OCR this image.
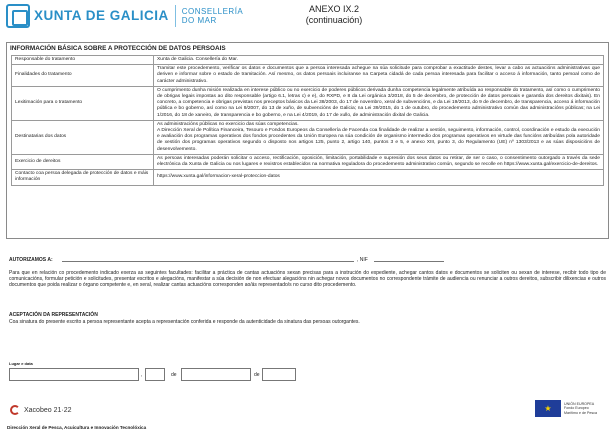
XUNTA DE GALICIA CONSELLERÍA
DO MAR
ANEXO IX.2
(continuación)
INFORMACIÓN BÁSICA SOBRE A PROTECCIÓN DE DATOS PERSOAIS
Responsable do tratamento	Xunta de Galicia. Consellería do Mar.
Finalidades do tratamento	Tramitar este procedemento, verificar os datos e documentos que a persoa interesada achegue na súa solicitude para comprobar a exactitude destes, levar a cabo as actuacións administrativas que deriven e informar sobre o estado de tramitación. Así mesmo, os datos persoais incluiranse na Carpeta cidadá de cada persoa interesada para facilitar o acceso á información, tanto persoal como de carácter administrativo.
Lexitimación para o tratamento	O cumprimento dunha misión realizada en interese público ou no exercicio de poderes públicos derivada dunha competencia legalmente atribuída ao responsable do tratamento, así como o cumprimento de obrigas legais impostas ao dito responsable (artigo 6.1, letras c) e e), do RXPD, e 8 da Lei orgánica 3/2018, do 5 de decembro, de protección de datos persoais e garantía dos dereitos dixitais). En concreto, a competencia e obrigas previstas nos preceptos básicos da Lei 38/2003, do 17 de novembro, xeral de subvencións, e da Lei 19/2013, do 9 de decembro, de transparencia, acceso á información pública e bo goberno, así como na Lei 9/2007, do 13 de xuño, de subvencións de Galicia; na Lei 39/2015, do 1 de outubro, do procedemento administrativo común das administracións públicas; na Lei 1/2016, do 18 de xaneiro, de transparencia e bo goberno, e na Lei 4/2019, do 17 de xullo, de administración dixital de Galicia.
Destinatarias dos datos	As administracións públicas no exercicio das súas competencias.
A Dirección Xeral de Política Financeira, Tesouro e Fondos Europeos da Consellería de Facenda coa finalidade de realizar a xestión, seguimento, información, control, coordinación e estudo da execución e avaliación dos programas operativos dos fondos procedentes da Unión Europea na súa condición de organismo intermedio dos programas operativos en virtude das funcións atribuídas pola autoridade de xestión dos programas operativos segundo o disposto nos artigos 125, punto 2, artigo 140, puntos 3 e 5, e anexo XIII, punto 3, do Regulamento (UE) nº 1303/2013 e as súas disposicións de desenvolvemento.
Exercicio de dereitos	As persoas interesadas poderán solicitar o acceso, rectificación, oposición, limitación, portabilidade e supresión dos seus datos ou retirar, de ser o caso, o consentimento outorgado a través da sede electrónica da Xunta de Galicia ou nos lugares e rexistros establecidos na normativa reguladora do procedemento administrativo común, segundo se recolle en https://www.xunta.gal/exercicio-de-dereitos.
Contacto coa persoa delegada de protección de datos e máis información	https://www.xunta.gal/informacion-xeral-proteccion-datos
AUTORIZAMOS A:	, NIF
Para que en relación co procedemento indicado exerza as seguintes facultades: facilitar a práctica de cantas actuacións sexan precisas para a instrución do expediente, achegar cantos datos e documentos se soliciten ou sexan de interese, recibir todo tipo de comunicacións, formular petición e solicitudes, presentar escritos e alegacións, manifestar a súa decisión de non efectuar alegacións nin achegar novos documentos no correspondente trámite de audiencia ou renunciar a outros dereitos, subscribir dilixencias e outros documentos que poida realizar o órgano competente e, en xeral, realizar cantas actuacións corresponden ao/ás representado/s no curso dito procedemento.
ACEPTACIÓN DA REPRESENTACIÓN
Coa sinatura do presente escrito a persoa representante acepta a representación conferida e responde da autenticidade da sinatura das persoas outorgantes.
Lugar e data
,	de	de
Xacobeo 21·22	★	UNIÓN EUROPEA
Fondo Europeo
Marítimo e de Pesca
Dirección Xeral de Pesca, Acuicultura e Innovación Tecnolóxica
